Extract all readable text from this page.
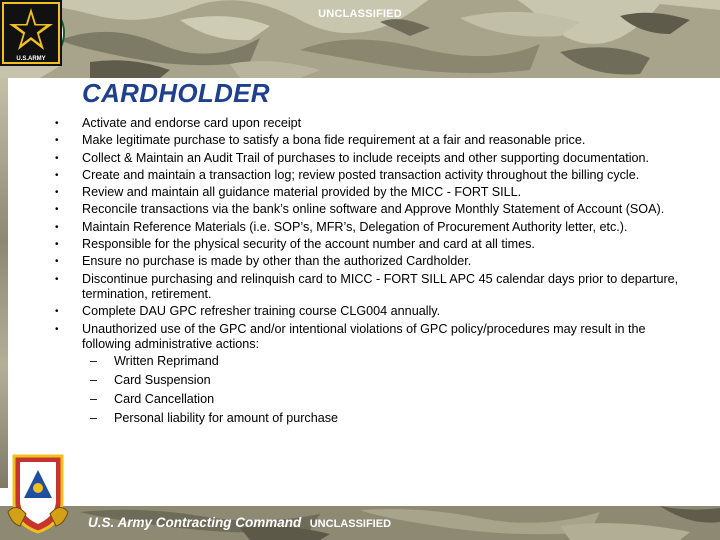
UNCLASSIFIED
U.S.ARMY
CARDHOLDER
• Activate and endorse card upon receipt
• Make legitimate purchase to satisfy a bona fide requirement at a fair and reasonable price.
• Collect & Maintain an Audit Trail of purchases to include receipts and other supporting documentation.
• Create and maintain a transaction log; review posted transaction activity throughout the billing cycle.
• Review and maintain all guidance material provided by the MICC - FORT SILL.
• Reconcile transactions via the bank’s online software and Approve Monthly Statement of Account (SOA).
• Maintain Reference Materials (i.e. SOP’s, MFR’s, Delegation of Procurement Authority letter, etc.).
• Responsible for the physical security of the account number and card at all times.
• Ensure no purchase is made by other than the authorized Cardholder.
• Discontinue purchasing and relinquish card to MICC - FORT SILL APC 45 calendar days prior to departure, termination, retirement.
• Complete DAU GPC refresher training course CLG004 annually.
• Unauthorized use of the GPC and/or intentional violations of GPC policy/procedures may result in the following administrative actions:
– Written Reprimand
– Card Suspension
– Card Cancellation
– Personal liability for amount of purchase
U.S. Army Contracting Command UNCLASSIFIED
